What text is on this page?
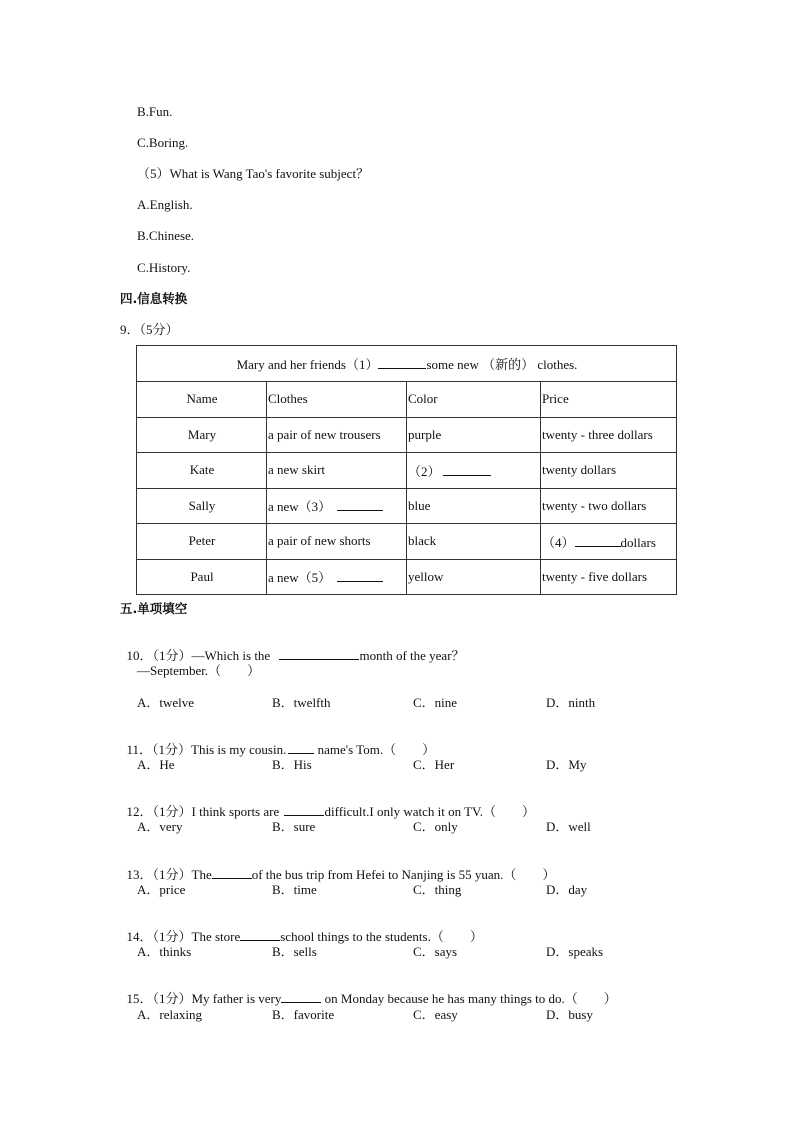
B.Fun.
C.Boring.
（5）What is Wang Tao's favorite subject？
A.English.
B.Chinese.
C.History.
四.信息转换
9．（5分）
Mary and her friends（1） some new （新的） clothes.			
Name	Clothes	Color	Price
Mary	a pair of new trousers	purple	twenty - three dollars
Kate	a new skirt	（2）	twenty dollars
Sally	a new（3）	blue	twenty - two dollars
Peter	a pair of new shorts	black	（4） dollars
Paul	a new（5）	yellow	twenty - five dollars
五.单项填空

10．（1分）—Which is the	month of the year？

—September.（　　）
A．twelve	B．twelfth	C．nine	D．ninth

11．（1分）This is my cousin. name's Tom.（　　）

A．He	B．His	C．Her	D．My

12．（1分）I think sports are	difficult.I only watch it on TV.（　　）

A．very	B．sure	C．only	D．well

13．（1分）The	of the bus trip from Hefei to Nanjing is 55 yuan.（　　）

A．price	B．time	C．thing	D．day

14．（1分）The store	school things to the students.（　　）

A．thinks	B．sells	C．says	D．speaks

15．（1分）My father is very	on Monday because he has many things to do.（　　）

A．relaxing	B．favorite	C．easy	D．busy
